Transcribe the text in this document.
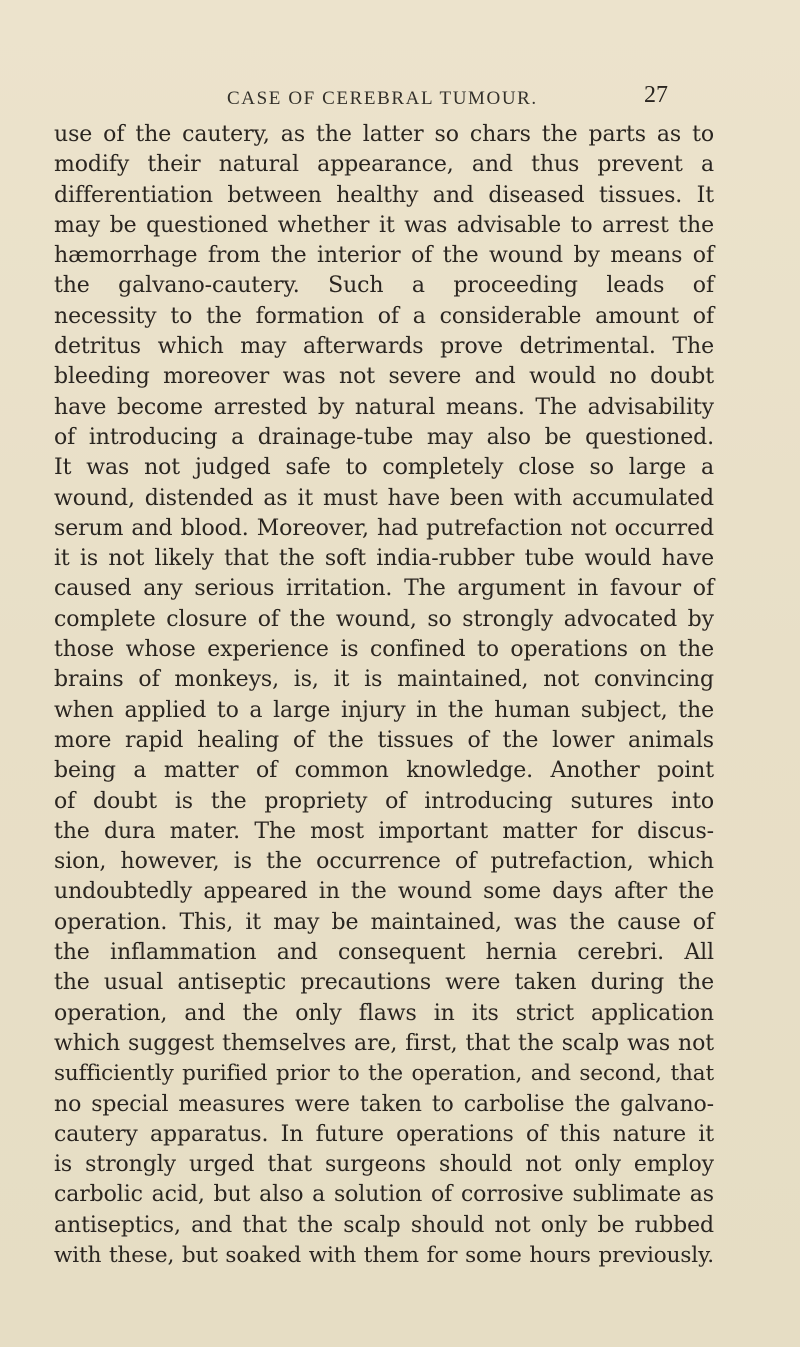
CASE OF CEREBRAL TUMOUR.	27
use of the cautery, as the latter so chars the parts as to
modify their natural appearance, and thus prevent a
differentiation between healthy and diseased tissues. It
may be questioned whether it was advisable to arrest the
hæmorrhage from the interior of the wound by means of
the galvano-cautery. Such a proceeding leads of
necessity to the formation of a considerable amount of
detritus which may afterwards prove detrimental. The
bleeding moreover was not severe and would no doubt
have become arrested by natural means. The advisability
of introducing a drainage-tube may also be questioned.
It was not judged safe to completely close so large a
wound, distended as it must have been with accumulated
serum and blood. Moreover, had putrefaction not occurred
it is not likely that the soft india-rubber tube would have
caused any serious irritation. The argument in favour of
complete closure of the wound, so strongly advocated by
those whose experience is confined to operations on the
brains of monkeys, is, it is maintained, not convincing
when applied to a large injury in the human subject, the
more rapid healing of the tissues of the lower animals
being a matter of common knowledge. Another point
of doubt is the propriety of introducing sutures into
the dura mater. The most important matter for discus-
sion, however, is the occurrence of putrefaction, which
undoubtedly appeared in the wound some days after the
operation. This, it may be maintained, was the cause of
the inflammation and consequent hernia cerebri. All
the usual antiseptic precautions were taken during the
operation, and the only flaws in its strict application
which suggest themselves are, first, that the scalp was not
sufficiently purified prior to the operation, and second, that
no special measures were taken to carbolise the galvano-
cautery apparatus. In future operations of this nature it
is strongly urged that surgeons should not only employ
carbolic acid, but also a solution of corrosive sublimate as
antiseptics, and that the scalp should not only be rubbed
with these, but soaked with them for some hours previously.
